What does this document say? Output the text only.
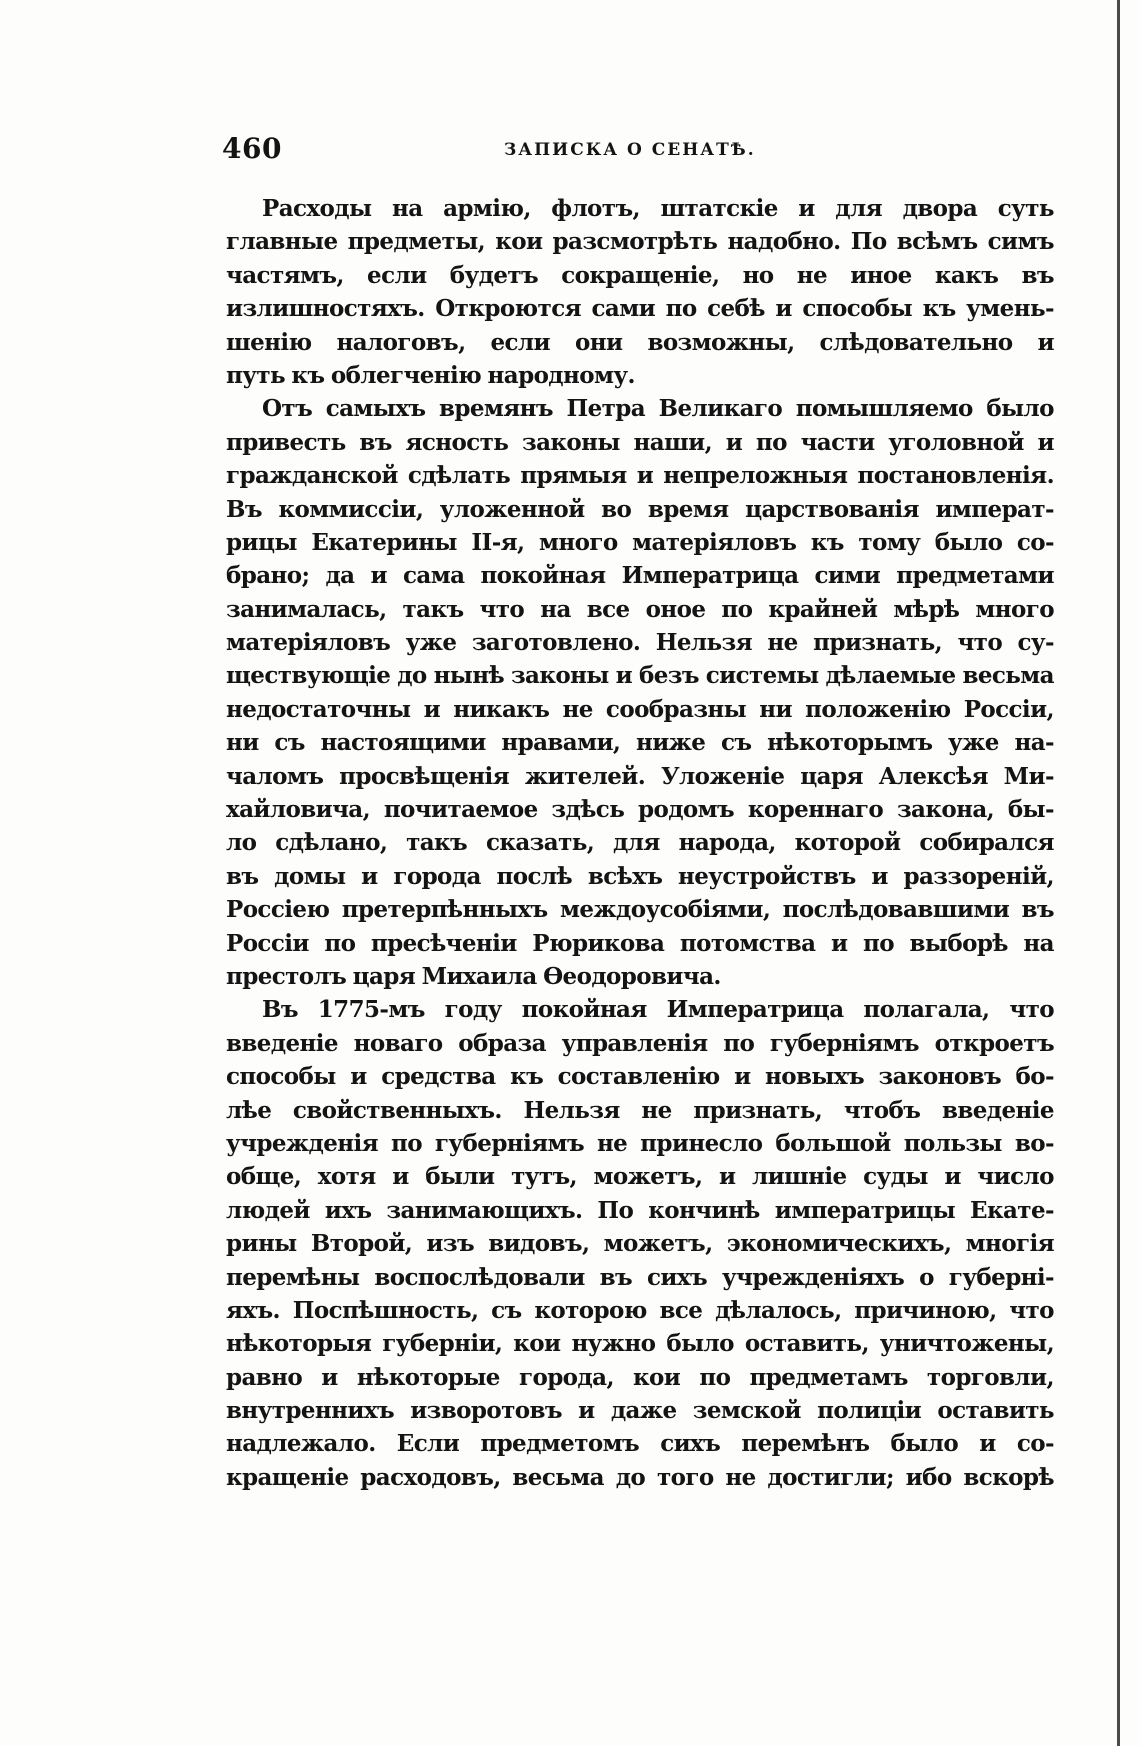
460	ЗАПИСКА О СЕНАТѢ.
Расходы на армію, флотъ, штатскіе и для двора суть
главные предметы, кои разсмотрѣть надобно. По всѣмъ симъ
частямъ, если будетъ сокращеніе, но не иное какъ въ
излишностяхъ. Откроются сами по себѣ и способы къ умень-
шенію налоговъ, если они возможны, слѣдовательно и
путь къ облегченію народному.
Отъ самыхъ времянъ Петра Великаго помышляемо было
привесть въ ясность законы наши, и по части уголовной и
гражданской сдѣлать прямыя и непреложныя постановленія.
Въ коммиссіи, уложенной во время царствованія императ-
рицы Екатерины II-я, много матеріяловъ къ тому было со-
брано; да и сама покойная Императрица сими предметами
занималась, такъ что на все оное по крайней мѣрѣ много
матеріяловъ уже заготовлено. Нельзя не признать, что су-
ществующіе до нынѣ законы и безъ системы дѣлаемые весьма
недостаточны и никакъ не сообразны ни положенію Россіи,
ни съ настоящими нравами, ниже съ нѣкоторымъ уже на-
чаломъ просвѣщенія жителей. Уложеніе царя Алексѣя Ми-
хайловича, почитаемое здѣсь родомъ кореннаго закона, бы-
ло сдѣлано, такъ сказать, для народа, которой собирался
въ домы и города послѣ всѣхъ неустройствъ и раззореній,
Россіею претерпѣнныхъ междоусобіями, послѣдовавшими въ
Россіи по пресѣченіи Рюрикова потомства и по выборѣ на
престолъ царя Михаила Ѳеодоровича.
Въ 1775-мъ году покойная Императрица полагала, что
введеніе новаго образа управленія по губерніямъ откроетъ
способы и средства къ составленію и новыхъ законовъ бо-
лѣе свойственныхъ. Нельзя не признать, чтобъ введеніе
учрежденія по губерніямъ не принесло большой пользы во-
обще, хотя и были тутъ, можетъ, и лишніе суды и число
людей ихъ занимающихъ. По кончинѣ императрицы Екате-
рины Второй, изъ видовъ, можетъ, экономическихъ, многія
перемѣны воспослѣдовали въ сихъ учрежденіяхъ о губерні-
яхъ. Поспѣшность, съ которою все дѣлалось, причиною, что
нѣкоторыя губерніи, кои нужно было оставить, уничтожены,
равно и нѣкоторые города, кои по предметамъ торговли,
внутреннихъ изворотовъ и даже земской полиціи оставить
надлежало. Если предметомъ сихъ перемѣнъ было и со-
кращеніе расходовъ, весьма до того не достигли; ибо вскорѣ
